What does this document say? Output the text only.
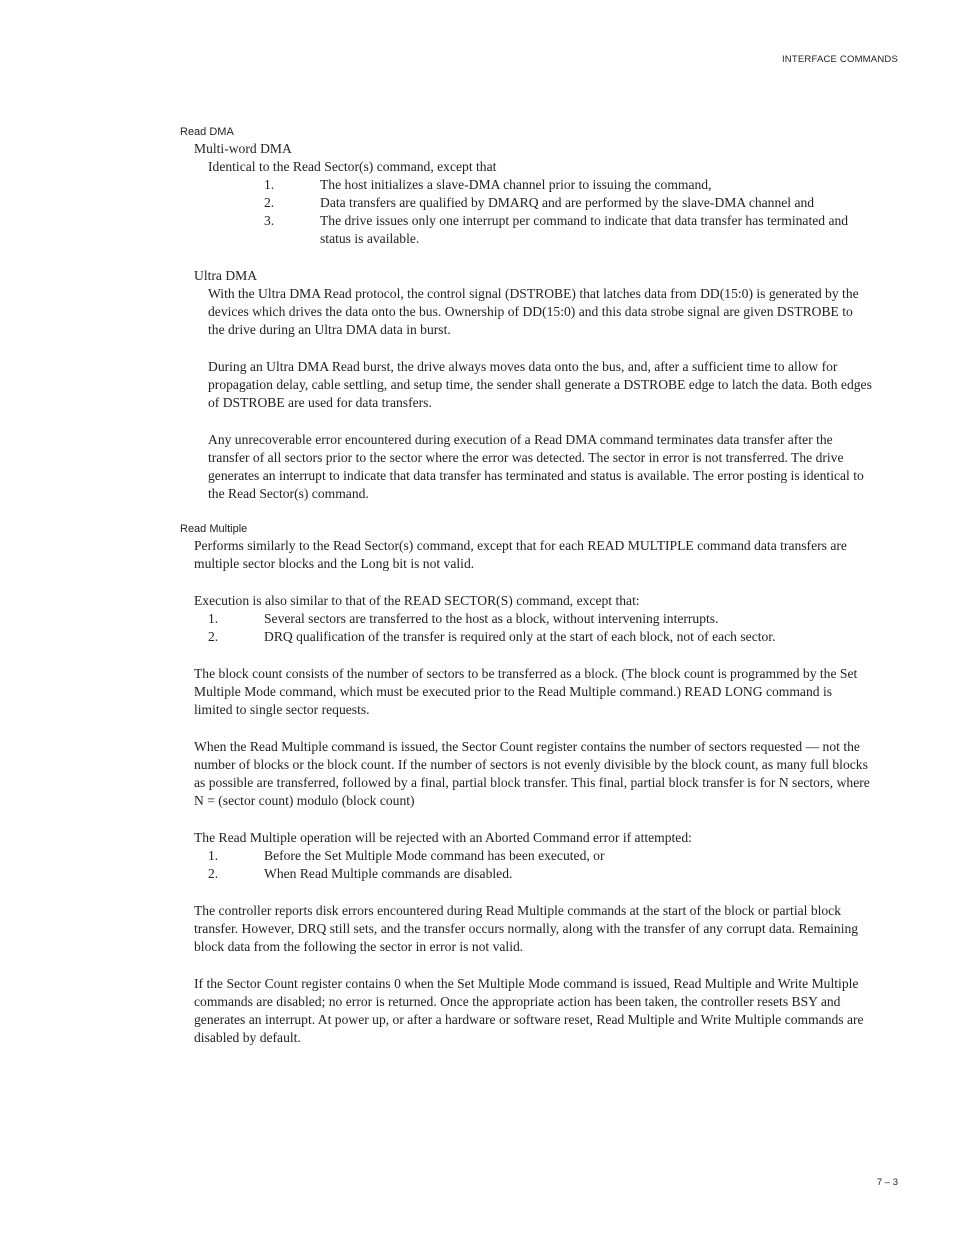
INTERFACE COMMANDS
Read DMA
Multi-word DMA
Identical to the Read Sector(s) command, except that
1.	The host initializes a slave-DMA channel prior to issuing the command,
2.	Data transfers are qualified by DMARQ and are performed by the slave-DMA channel and
3.	The drive issues only one interrupt per command to indicate that data transfer has terminated and status is available.
Ultra DMA
With the Ultra DMA Read protocol, the control signal (DSTROBE) that latches data from DD(15:0) is generated by the devices which drives the data onto the bus. Ownership of DD(15:0) and this data strobe signal are given DSTROBE to the drive during an Ultra DMA data in burst.
During an Ultra DMA Read burst, the drive always moves data onto the bus, and, after a sufficient time to allow for propagation delay, cable settling, and setup time, the sender shall generate a DSTROBE edge to latch the data. Both edges of DSTROBE are used for data transfers.
Any unrecoverable error encountered during execution of a Read DMA command terminates data transfer after the transfer of all sectors prior to the sector where the error was detected. The sector in error is not transferred. The drive generates an interrupt to indicate that data transfer has terminated and status is available. The error posting is identical to the Read Sector(s) command.
Read Multiple
Performs similarly to the Read Sector(s) command, except that for each READ MULTIPLE command data transfers are multiple sector blocks and the Long bit is not valid.
Execution is also similar to that of the READ SECTOR(S) command, except that:
1.	Several sectors are transferred to the host as a block, without intervening interrupts.
2.	DRQ qualification of the transfer is required only at the start of each block, not of each sector.
The block count consists of the number of sectors to be transferred as a block. (The block count is programmed by the Set Multiple Mode command, which must be executed prior to the Read Multiple command.) READ LONG command is limited to single sector requests.
When the Read Multiple command is issued, the Sector Count register contains the number of sectors requested — not the number of blocks or the block count. If the number of sectors is not evenly divisible by the block count, as many full blocks as possible are transferred, followed by a final, partial block transfer. This final, partial block transfer is for N sectors, where N = (sector count) modulo (block count)
The Read Multiple operation will be rejected with an Aborted Command error if attempted:
1.	Before the Set Multiple Mode command has been executed, or
2.	When Read Multiple commands are disabled.
The controller reports disk errors encountered during Read Multiple commands at the start of the block or partial block transfer. However, DRQ still sets, and the transfer occurs normally, along with the transfer of any corrupt data. Remaining block data from the following the sector in error is not valid.
If the Sector Count register contains 0 when the Set Multiple Mode command is issued, Read Multiple and Write Multiple commands are disabled; no error is returned. Once the appropriate action has been taken, the controller resets BSY and generates an interrupt. At power up, or after a hardware or software reset, Read Multiple and Write Multiple commands are disabled by default.
7 – 3
